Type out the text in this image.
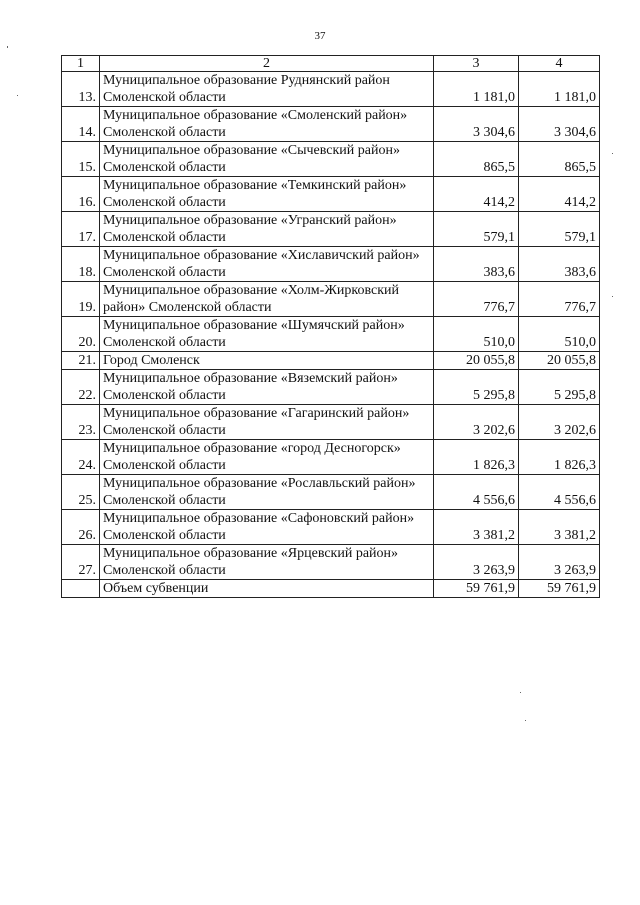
37
1	2	3	4
13.	Муниципальное образование Руднянский район Смоленской области	1 181,0	1 181,0
14.	Муниципальное образование «Смоленский район» Смоленской области	3 304,6	3 304,6
15.	Муниципальное образование «Сычевский район» Смоленской области	865,5	865,5
16.	Муниципальное образование «Темкинский район» Смоленской области	414,2	414,2
17.	Муниципальное образование «Угранский район» Смоленской области	579,1	579,1
18.	Муниципальное образование «Хиславичский район» Смоленской области	383,6	383,6
19.	Муниципальное образование «Холм-Жирковский район» Смоленской области	776,7	776,7
20.	Муниципальное образование «Шумячский район» Смоленской области	510,0	510,0
21.	Город Смоленск	20 055,8	20 055,8
22.	Муниципальное образование «Вяземский район» Смоленской области	5 295,8	5 295,8
23.	Муниципальное образование «Гагаринский район» Смоленской области	3 202,6	3 202,6
24.	Муниципальное образование «город Десногорск» Смоленской области	1 826,3	1 826,3
25.	Муниципальное образование «Рославльский район» Смоленской области	4 556,6	4 556,6
26.	Муниципальное образование «Сафоновский район» Смоленской области	3 381,2	3 381,2
27.	Муниципальное образование «Ярцевский район» Смоленской области	3 263,9	3 263,9
	Объем субвенции	59 761,9	59 761,9
